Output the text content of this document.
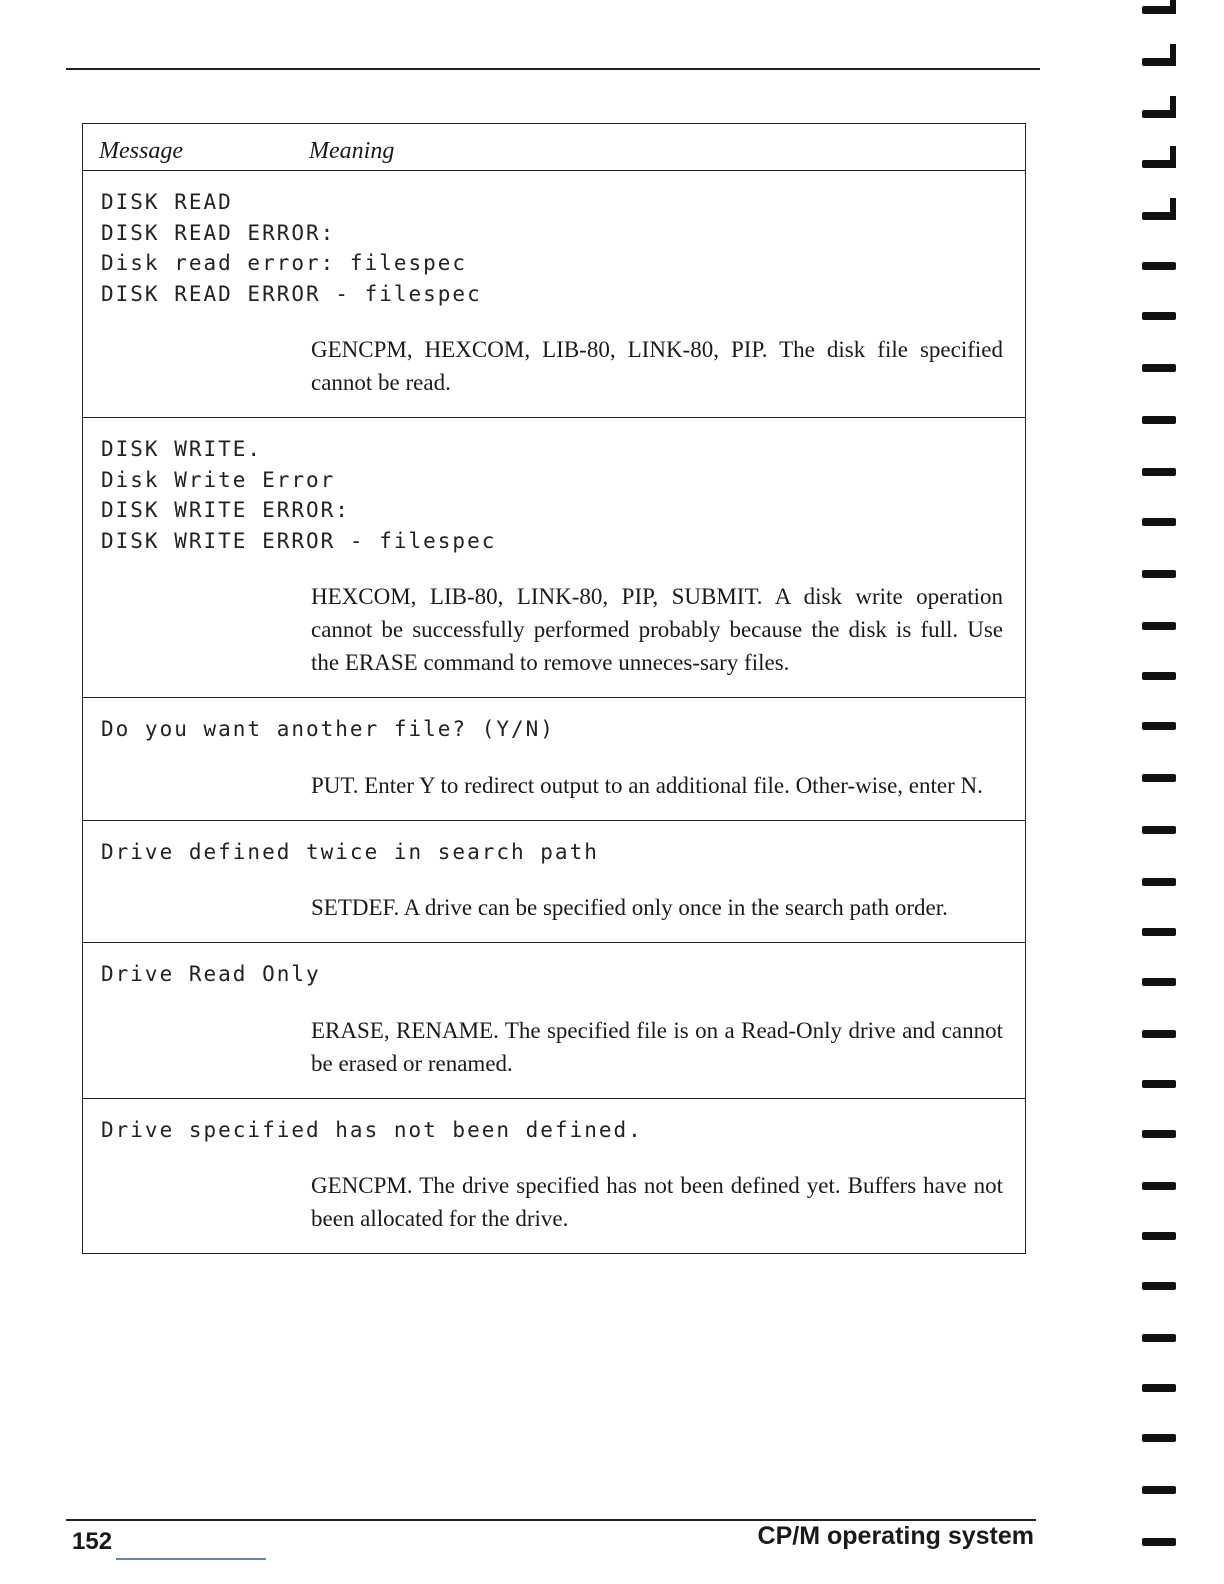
Message	Meaning
DISK READ
DISK READ ERROR:
Disk read error: filespec
DISK READ ERROR - filespec
GENCPM, HEXCOM, LIB-80, LINK-80, PIP. The disk file specified cannot be read.
DISK WRITE.
Disk Write Error
DISK WRITE ERROR:
DISK WRITE ERROR - filespec
HEXCOM, LIB-80, LINK-80, PIP, SUBMIT. A disk write operation cannot be successfully performed probably because the disk is full. Use the ERASE command to remove unneces-sary files.
Do you want another file? (Y/N)
PUT. Enter Y to redirect output to an additional file. Other-wise, enter N.
Drive defined twice in search path
SETDEF. A drive can be specified only once in the search path order.
Drive Read Only
ERASE, RENAME. The specified file is on a Read-Only drive and cannot be erased or renamed.
Drive specified has not been defined.
GENCPM. The drive specified has not been defined yet. Buffers have not been allocated for the drive.
152	CP/M operating system
